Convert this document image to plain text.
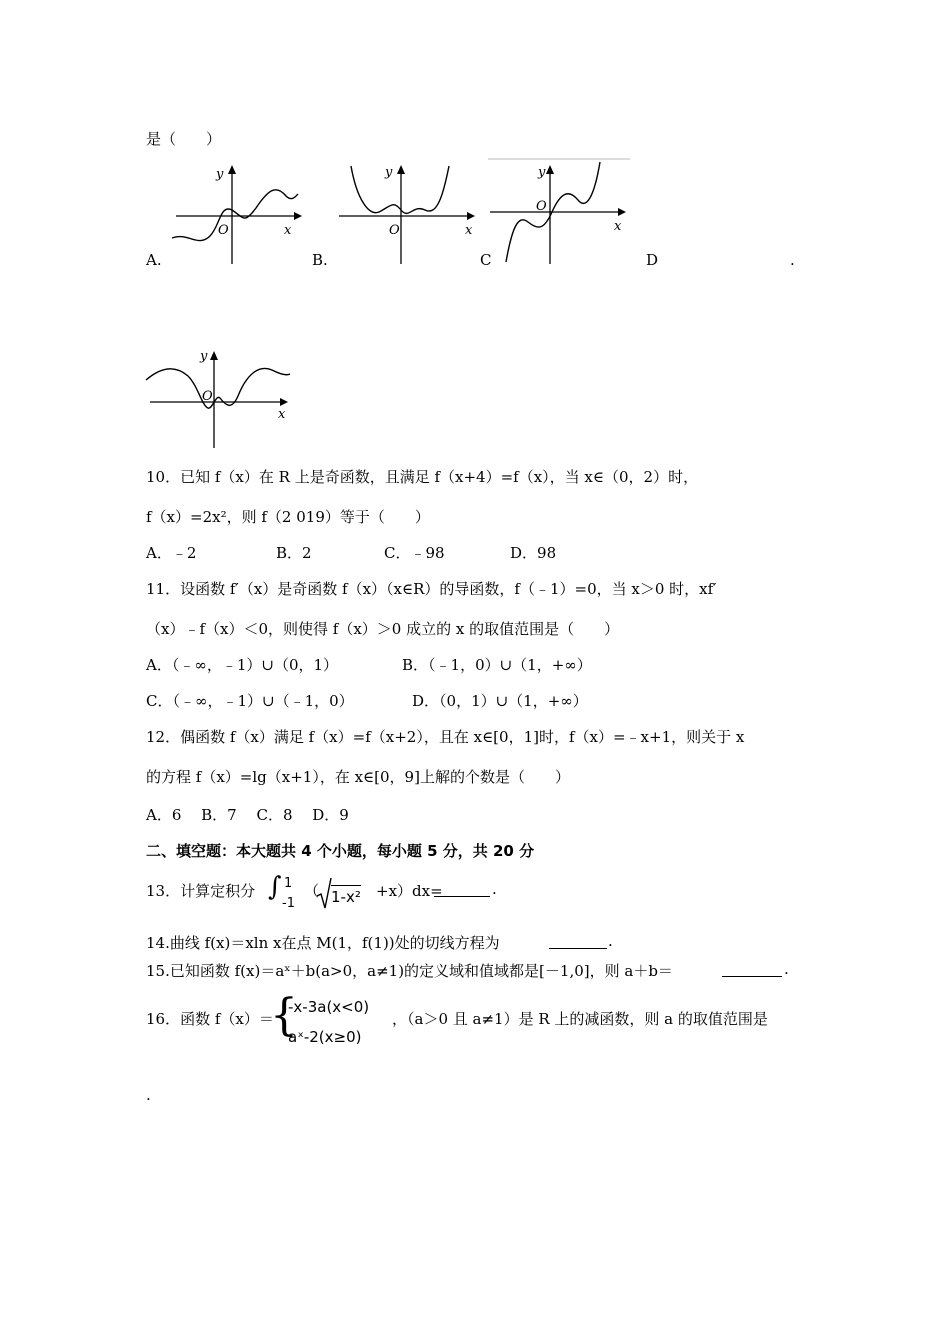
是（　　）
y
x
O
A.
y
x
O
B.
y
x
O
C	D	.
y
x
O
10．已知 f（x）在 R 上是奇函数，且满足 f（x+4）=f（x），当 x∈（0，2）时，
f（x）=2x²，则 f（2 019）等于（　　）
A．﹣2	B．2	C．﹣98	D．98
11．设函数 f′（x）是奇函数 f（x）（x∈R）的导函数，f（﹣1）=0，当 x＞0 时，xf′
（x）﹣f（x）＜0，则使得 f（x）＞0 成立的 x 的取值范围是（　　）
A．（﹣∞，﹣1）∪（0，1）	B．（﹣1，0）∪（1，+∞）
C．（﹣∞，﹣1）∪（﹣1，0）	D．（0，1）∪（1，+∞）
12．偶函数 f（x）满足 f（x）=f（x+2），且在 x∈[0，1]时，f（x）=﹣x+1，则关于 x
的方程 f（x）=lg（x+1），在 x∈[0，9]上解的个数是（　　）
A．6　 B．7　 C．8　 D．9
二、填空题：本大题共 4 个小题，每小题 5 分，共 20 分
13．计算定积分 ∫ 1
-1
（ 1-x² +x）dx=	.
14.曲线 f(x)＝xln x在点 M(1，f(1))处的切线方程为	.
15.已知函数 f(x)＝aˣ＋b(a>0，a≠1)的定义域和值域都是[－1,0]，则 a＋b＝	.
16．函数 f（x）＝
{
-x-3a(x<0)
aˣ-2(x≥0)
，（a＞0 且 a≠1）是 R 上的减函数，则 a 的取值范围是
.
